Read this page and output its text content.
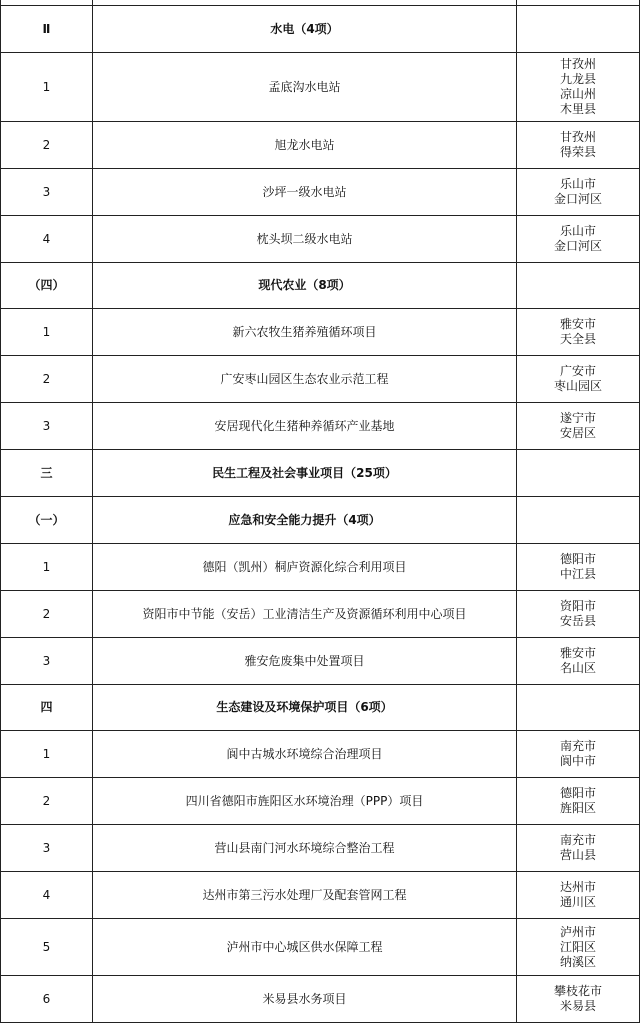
Ⅱ	水电（4项）	
1	孟底沟水电站	甘孜州
九龙县
凉山州
木里县

2	旭龙水电站	甘孜州
得荣县

3	沙坪一级水电站	乐山市
金口河区

4	枕头坝二级水电站	乐山市
金口河区

（四）	现代农业（8项）	
1	新六农牧生猪养殖循环项目	雅安市
天全县

2	广安枣山园区生态农业示范工程	广安市
枣山园区

3	安居现代化生猪种养循环产业基地	遂宁市
安居区

三	民生工程及社会事业项目（25项）	
（一）	应急和安全能力提升（4项）	
1	德阳（凯州）桐庐资源化综合利用项目	德阳市
中江县

2	资阳市中节能（安岳）工业清洁生产及资源循环利用中心项目	资阳市
安岳县

3	雅安危废集中处置项目	雅安市
名山区

四	生态建设及环境保护项目（6项）	
1	阆中古城水环境综合治理项目	南充市
阆中市

2	四川省德阳市旌阳区水环境治理（PPP）项目	德阳市
旌阳区

3	营山县南门河水环境综合整治工程	南充市
营山县

4	达州市第三污水处理厂及配套管网工程	达州市
通川区

5	泸州市中心城区供水保障工程	泸州市
江阳区
纳溪区

6	米易县水务项目	攀枝花市
米易县
